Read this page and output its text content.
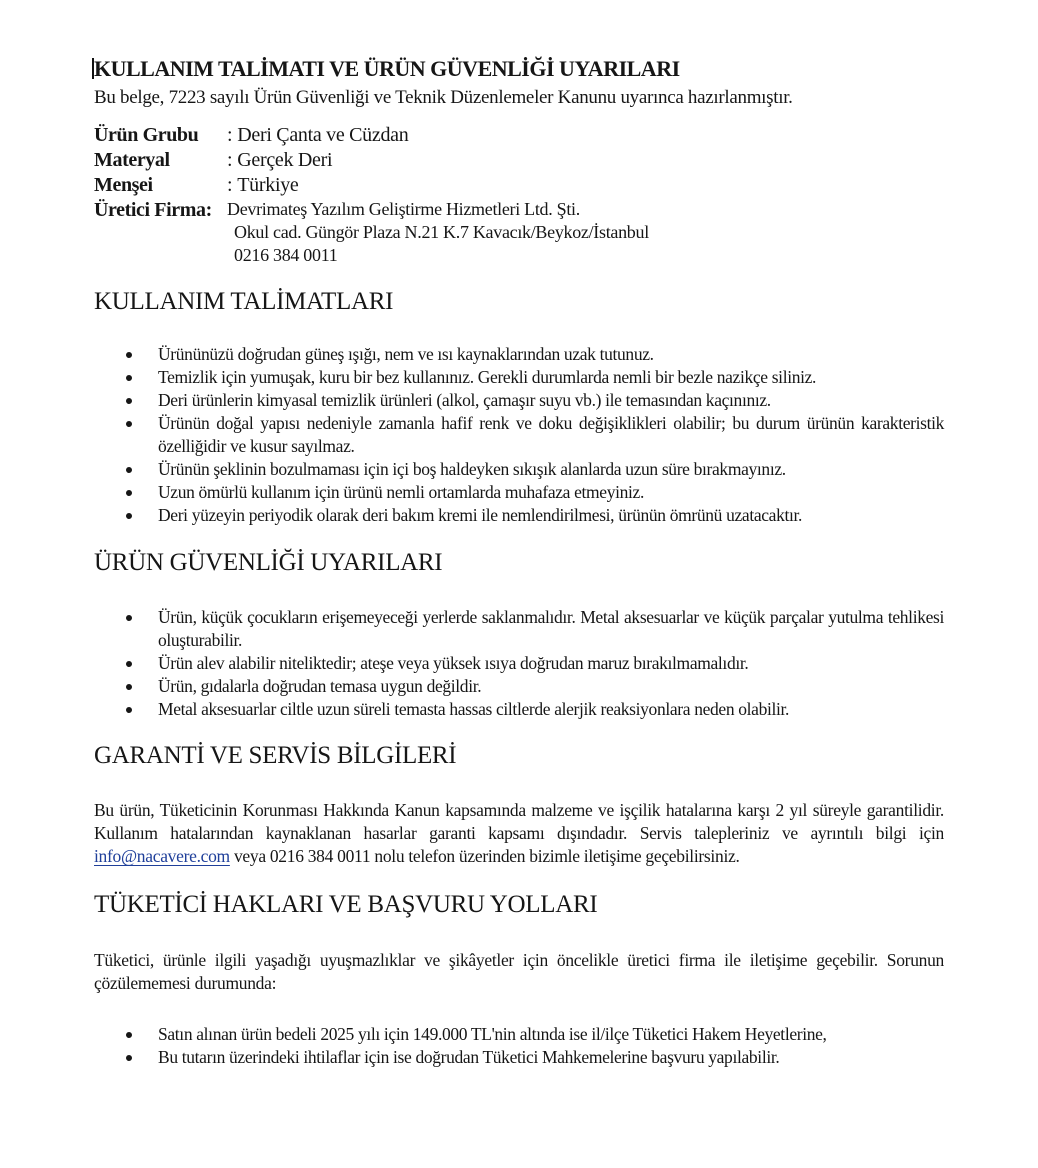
KULLANIM TALİMATI VE ÜRÜN GÜVENLİĞİ UYARILARI

Bu belge, 7223 sayılı Ürün Güvenliği ve Teknik Düzenlemeler Kanunu uyarınca hazırlanmıştır.

Ürün Grubu	: Deri Çanta ve Cüzdan
Materyal	: Gerçek Deri
Menşei	: Türkiye
Üretici Firma: Devrimateş Yazılım Geliştirme Hizmetleri Ltd. Şti.
Okul cad. Güngör Plaza N.21 K.7 Kavacık/Beykoz/İstanbul
0216 384 0011
KULLANIM TALİMATLARI
Ürününüzü doğrudan güneş ışığı, nem ve ısı kaynaklarından uzak tutunuz.
Temizlik için yumuşak, kuru bir bez kullanınız. Gerekli durumlarda nemli bir bezle nazikçe siliniz.
Deri ürünlerin kimyasal temizlik ürünleri (alkol, çamaşır suyu vb.) ile temasından kaçınınız.
Ürünün doğal yapısı nedeniyle zamanla hafif renk ve doku değişiklikleri olabilir; bu durum ürünün karakteristik özelliğidir ve kusur sayılmaz.
Ürünün şeklinin bozulmaması için içi boş haldeyken sıkışık alanlarda uzun süre bırakmayınız.
Uzun ömürlü kullanım için ürünü nemli ortamlarda muhafaza etmeyiniz.
Deri yüzeyin periyodik olarak deri bakım kremi ile nemlendirilmesi, ürünün ömrünü uzatacaktır.
ÜRÜN GÜVENLİĞİ UYARILARI
Ürün, küçük çocukların erişemeyeceği yerlerde saklanmalıdır. Metal aksesuarlar ve küçük parçalar yutulma tehlikesi oluşturabilir.
Ürün alev alabilir niteliktedir; ateşe veya yüksek ısıya doğrudan maruz bırakılmamalıdır.
Ürün, gıdalarla doğrudan temasa uygun değildir.
Metal aksesuarlar ciltle uzun süreli temasta hassas ciltlerde alerjik reaksiyonlara neden olabilir.
GARANTİ VE SERVİS BİLGİLERİ

Bu ürün, Tüketicinin Korunması Hakkında Kanun kapsamında malzeme ve işçilik hatalarına karşı 2 yıl süreyle garantilidir. Kullanım hatalarından kaynaklanan hasarlar garanti kapsamı dışındadır. Servis talepleriniz ve ayrıntılı bilgi için info@nacavere.com veya 0216 384 0011 nolu telefon üzerinden bizimle iletişime geçebilirsiniz.

TÜKETİCİ HAKLARI VE BAŞVURU YOLLARI

Tüketici, ürünle ilgili yaşadığı uyuşmazlıklar ve şikâyetler için öncelikle üretici firma ile iletişime geçebilir. Sorunun çözülememesi durumunda:

Satın alınan ürün bedeli 2025 yılı için 149.000 TL'nin altında ise il/ilçe Tüketici Hakem Heyetlerine,
Bu tutarın üzerindeki ihtilaflar için ise doğrudan Tüketici Mahkemelerine başvuru yapılabilir.
